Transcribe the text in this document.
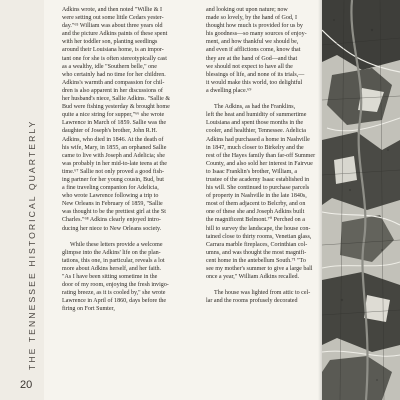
THE TENNESSEE HISTORICAL QUARTERLY
20
Adkins wrote, and then noted "Willie & I
were setting out some little Cedars yester-
day."⁶⁵ William was about three years old
and the picture Adkins paints of these spent
with her toddler son, planting seedlings
around their Louisiana home, is an impor-
tant one for she is often stereotypically cast
as a wealthy, idle "Southern belle," one
who certainly had no time for her children.
Adkins's warmth and compassion for chil-
dren is also apparent in her discussions of
her husband's niece, Sallie Adkins. "Sallie &
Bud were fishing yesterday & brought home
quite a nice string for supper,"⁶⁶ she wrote
Lawrence in March of 1859. Sallie was the
daughter of Joseph's brother, John R.H.
Adkins, who died in 1846. At the death of
his wife, Mary, in 1855, an orphaned Sallie
came to live with Joseph and Adelicia; she
was probably in her mid-to-late teens at the
time.⁶⁷ Sallie not only proved a good fish-
ing partner for her young cousin, Bud, but
a fine traveling companion for Adelicia,
who wrote Lawrence following a trip to
New Orleans in February of 1859, "Sallie
was thought to be the prettiest girl at the St
Charles."⁶⁸ Adkins clearly enjoyed intro-
ducing her niece to New Orleans society.
While these letters provide a welcome
glimpse into the Adkins' life on the plan-
tations, this one, in particular, reveals a lot
more about Adkins herself, and her faith.
"As I have been sitting sometime in the
door of my room, enjoying the fresh invigo-
rating breeze, as it is cooled by," she wrote
Lawrence in April of 1860, days before the
firing on Fort Sumter,
and looking out upon nature; now
made so lovely, by the hand of God, I
thought how much is provided for us by
his goodness—so many sources of enjoy-
ment, and how thankful we should be,
and even if afflictions come, know that
they are at the hand of God—and that
we should not expect to have all the
blessings of life, and none of its trials,—
it would make this world, too delightful
a dwelling place.⁶⁹
The Adkins, as had the Franklins,
left the heat and humidity of summertime
Louisiana and spent those months in the
cooler, and healthier, Tennessee. Adelicia
Adkins had purchased a home in Nashville
in 1847, much closer to Birkelry and the
rest of the Hayes family than far-off Summer
County, and also sold her interest in Fairvue
to Isaac Franklin's brother, William, a
trustee of the academy Isaac established in
his will. She continued to purchase parcels
of property in Nashville in the late 1840s,
most of them adjacent to Belcrby, and on
one of these she and Joseph Adkins built
the magnificent Belmont.⁷⁰ Perched on a
hill to survey the landscape, the house con-
tained close to thirty rooms, Venetian glass,
Carrara marble fireplaces, Corinthian col-
umns, and was thought the most magnifi-
cent home in the antebellum South.⁷¹ "To
see my mother's summer to give a large ball
once a year," William Adkins recalled.
The house was lighted from attic to cel-
lar and the rooms profusely decorated
